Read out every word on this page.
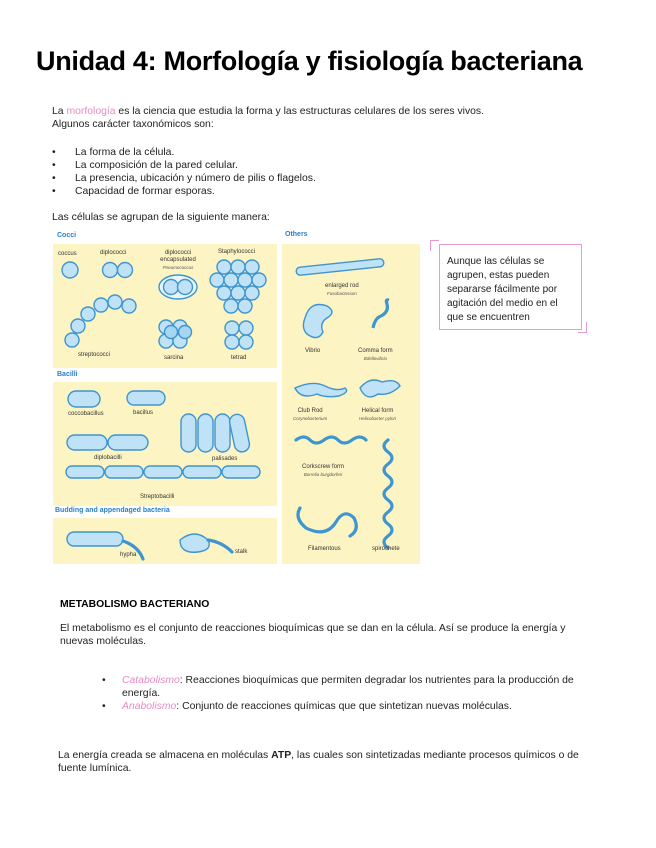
Unidad 4: Morfología y fisiología bacteriana
La morfología es la ciencia que estudia la forma y las estructuras celulares de los seres vivos.
Algunos carácter taxonómicos son:
• La forma de la célula.
• La composición de la pared celular.
• La presencia, ubicación y número de pilis o flagelos.
• Capacidad de formar esporas.
Las células se agrupan de la siguiente manera:
Cocci
Bacilli
Budding and appendaged bacteria
Others
coccus	diplococci	diplococci encapsulated
Pneumococcus
Staphylococci
streptococci	sarcina	tetrad
coccobacillus	bacillus
diplobacilli	palisades
Streptobacilli
hypha	stalk
enlarged rod
Fusobacterium
Vibrio	Comma form
Bdellovibrio
Club Rod
Corynebacterium
Helical form
Helicobacter pylori
Corkscrew form
Borrelia burgdorferi
Filamentous	spirochete
Aunque las células se agrupen, estas pueden separarse fácilmente por agitación del medio en el que se encuentren
METABOLISMO BACTERIANO
El metabolismo es el conjunto de reacciones bioquímicas que se dan en la célula. Así se produce la energía y nuevas moléculas.
• Catabolismo: Reacciones bioquímicas que permiten degradar los nutrientes para la producción de energía.
• Anabolismo: Conjunto de reacciones químicas que que sintetizan nuevas moléculas.
La energía creada se almacena en moléculas ATP, las cuales son sintetizadas mediante procesos químicos o de fuente lumínica.
